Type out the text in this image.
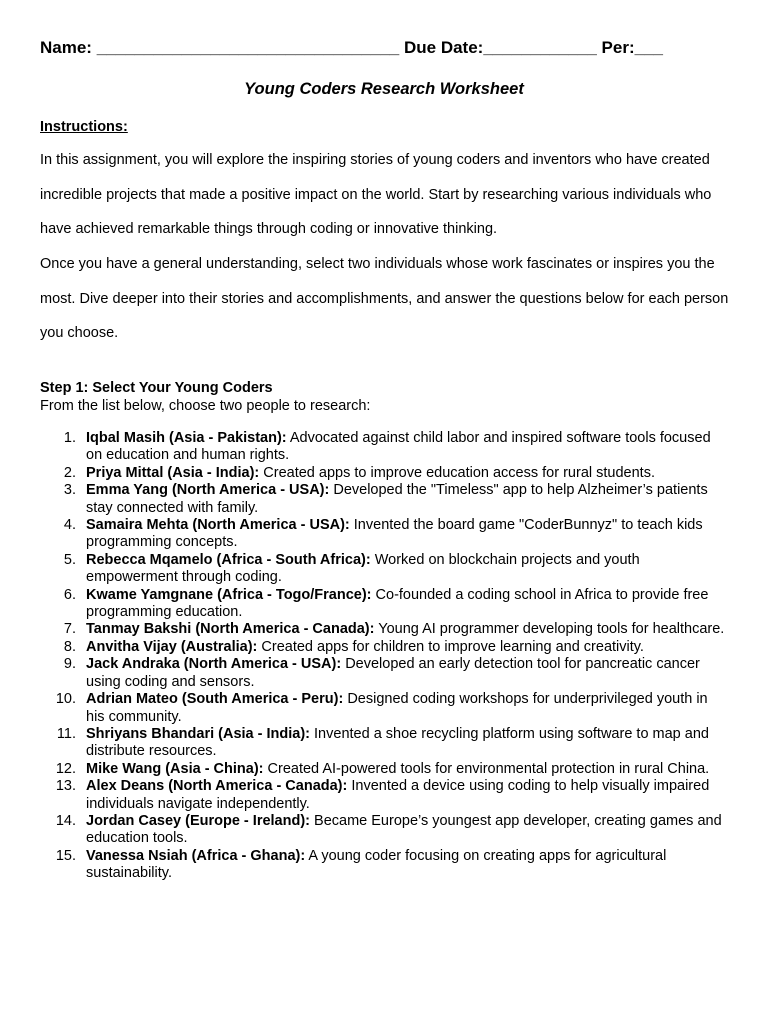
Name: ________________________________ Due Date:____________ Per:___
Young Coders Research Worksheet
Instructions:
In this assignment, you will explore the inspiring stories of young coders and inventors who have created incredible projects that made a positive impact on the world. Start by researching various individuals who have achieved remarkable things through coding or innovative thinking.
Once you have a general understanding, select two individuals whose work fascinates or inspires you the most. Dive deeper into their stories and accomplishments, and answer the questions below for each person you choose.
Step 1: Select Your Young Coders
From the list below, choose two people to research:
1. Iqbal Masih (Asia - Pakistan): Advocated against child labor and inspired software tools focused on education and human rights.
2. Priya Mittal (Asia - India): Created apps to improve education access for rural students.
3. Emma Yang (North America - USA): Developed the "Timeless" app to help Alzheimer’s patients stay connected with family.
4. Samaira Mehta (North America - USA): Invented the board game "CoderBunnyz" to teach kids programming concepts.
5. Rebecca Mqamelo (Africa - South Africa): Worked on blockchain projects and youth empowerment through coding.
6. Kwame Yamgnane (Africa - Togo/France): Co-founded a coding school in Africa to provide free programming education.
7. Tanmay Bakshi (North America - Canada): Young AI programmer developing tools for healthcare.
8. Anvitha Vijay (Australia): Created apps for children to improve learning and creativity.
9. Jack Andraka (North America - USA): Developed an early detection tool for pancreatic cancer using coding and sensors.
10. Adrian Mateo (South America - Peru): Designed coding workshops for underprivileged youth in his community.
11. Shriyans Bhandari (Asia - India): Invented a shoe recycling platform using software to map and distribute resources.
12. Mike Wang (Asia - China): Created AI-powered tools for environmental protection in rural China.
13. Alex Deans (North America - Canada): Invented a device using coding to help visually impaired individuals navigate independently.
14. Jordan Casey (Europe - Ireland): Became Europe’s youngest app developer, creating games and education tools.
15. Vanessa Nsiah (Africa - Ghana): A young coder focusing on creating apps for agricultural sustainability.
